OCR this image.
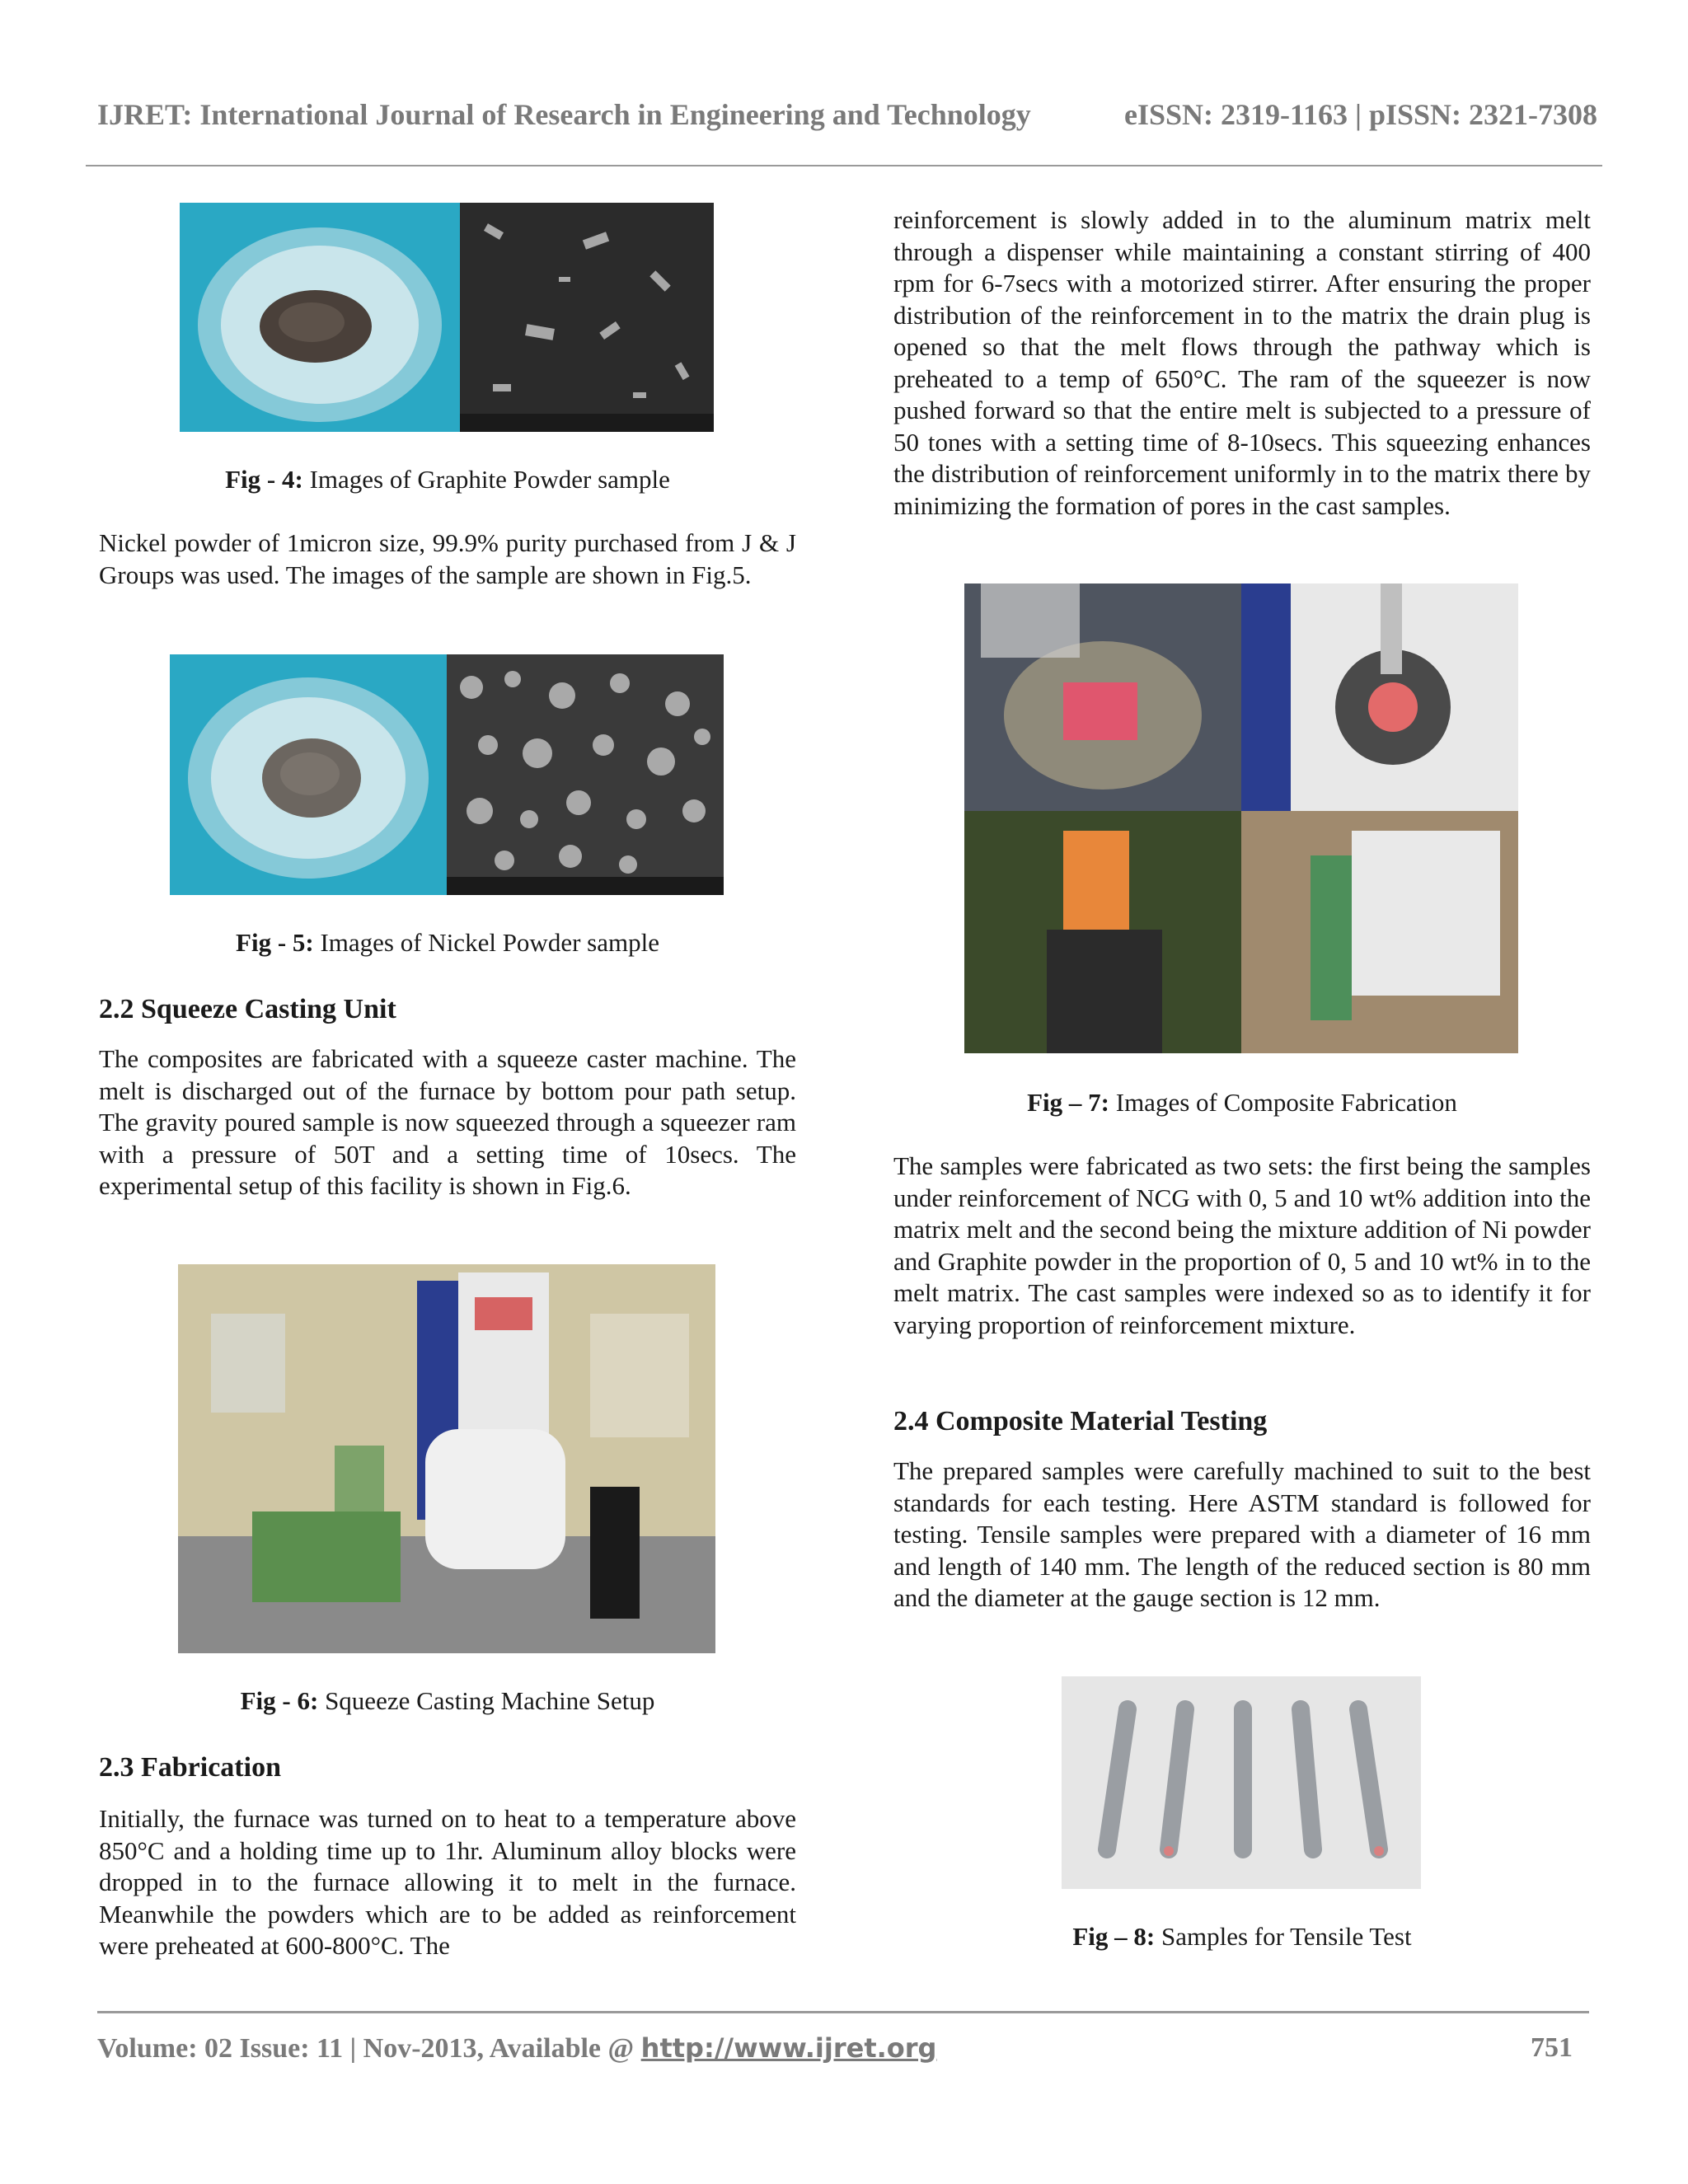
IJRET: International Journal of Research in Engineering and Technology	eISSN: 2319-1163 | pISSN: 2321-7308
Fig - 4: Images of Graphite Powder sample

Nickel powder of 1micron size, 99.9% purity purchased from J & J Groups was used. The images of the sample are shown in Fig.5.

Fig - 5: Images of Nickel Powder sample
2.2 Squeeze Casting Unit

The composites are fabricated with a squeeze caster machine. The melt is discharged out of the furnace by bottom pour path setup. The gravity poured sample is now squeezed through a squeezer ram with a pressure of 50T and a setting time of 10secs. The experimental setup of this facility is shown in Fig.6.

Fig - 6: Squeeze Casting Machine Setup
2.3 Fabrication

Initially, the furnace was turned on to heat to a temperature above 850°C and a holding time up to 1hr. Aluminum alloy blocks were dropped in to the furnace allowing it to melt in the furnace. Meanwhile the powders which are to be added as reinforcement were preheated at 600-800°C. The

reinforcement is slowly added in to the aluminum matrix melt through a dispenser while maintaining a constant stirring of 400 rpm for 6-7secs with a motorized stirrer. After ensuring the proper distribution of the reinforcement in to the matrix the drain plug is opened so that the melt flows through the pathway which is preheated to a temp of 650°C. The ram of the squeezer is now pushed forward so that the entire melt is subjected to a pressure of 50 tones with a setting time of 8-10secs. This squeezing enhances the distribution of reinforcement uniformly in to the matrix there by minimizing the formation of pores in the cast samples.

Fig – 7: Images of Composite Fabrication

The samples were fabricated as two sets: the first being the samples under reinforcement of NCG with 0, 5 and 10 wt% addition into the matrix melt and the second being the mixture addition of Ni powder and Graphite powder in the proportion of 0, 5 and 10 wt% in to the melt matrix. The cast samples were indexed so as to identify it for varying proportion of reinforcement mixture.

2.4 Composite Material Testing

The prepared samples were carefully machined to suit to the best standards for each testing. Here ASTM standard is followed for testing. Tensile samples were prepared with a diameter of 16 mm and length of 140 mm. The length of the reduced section is 80 mm and the diameter at the gauge section is 12 mm.

Fig – 8: Samples for Tensile Test
Volume: 02 Issue: 11 | Nov-2013, Available @ http://www.ijret.org	751
